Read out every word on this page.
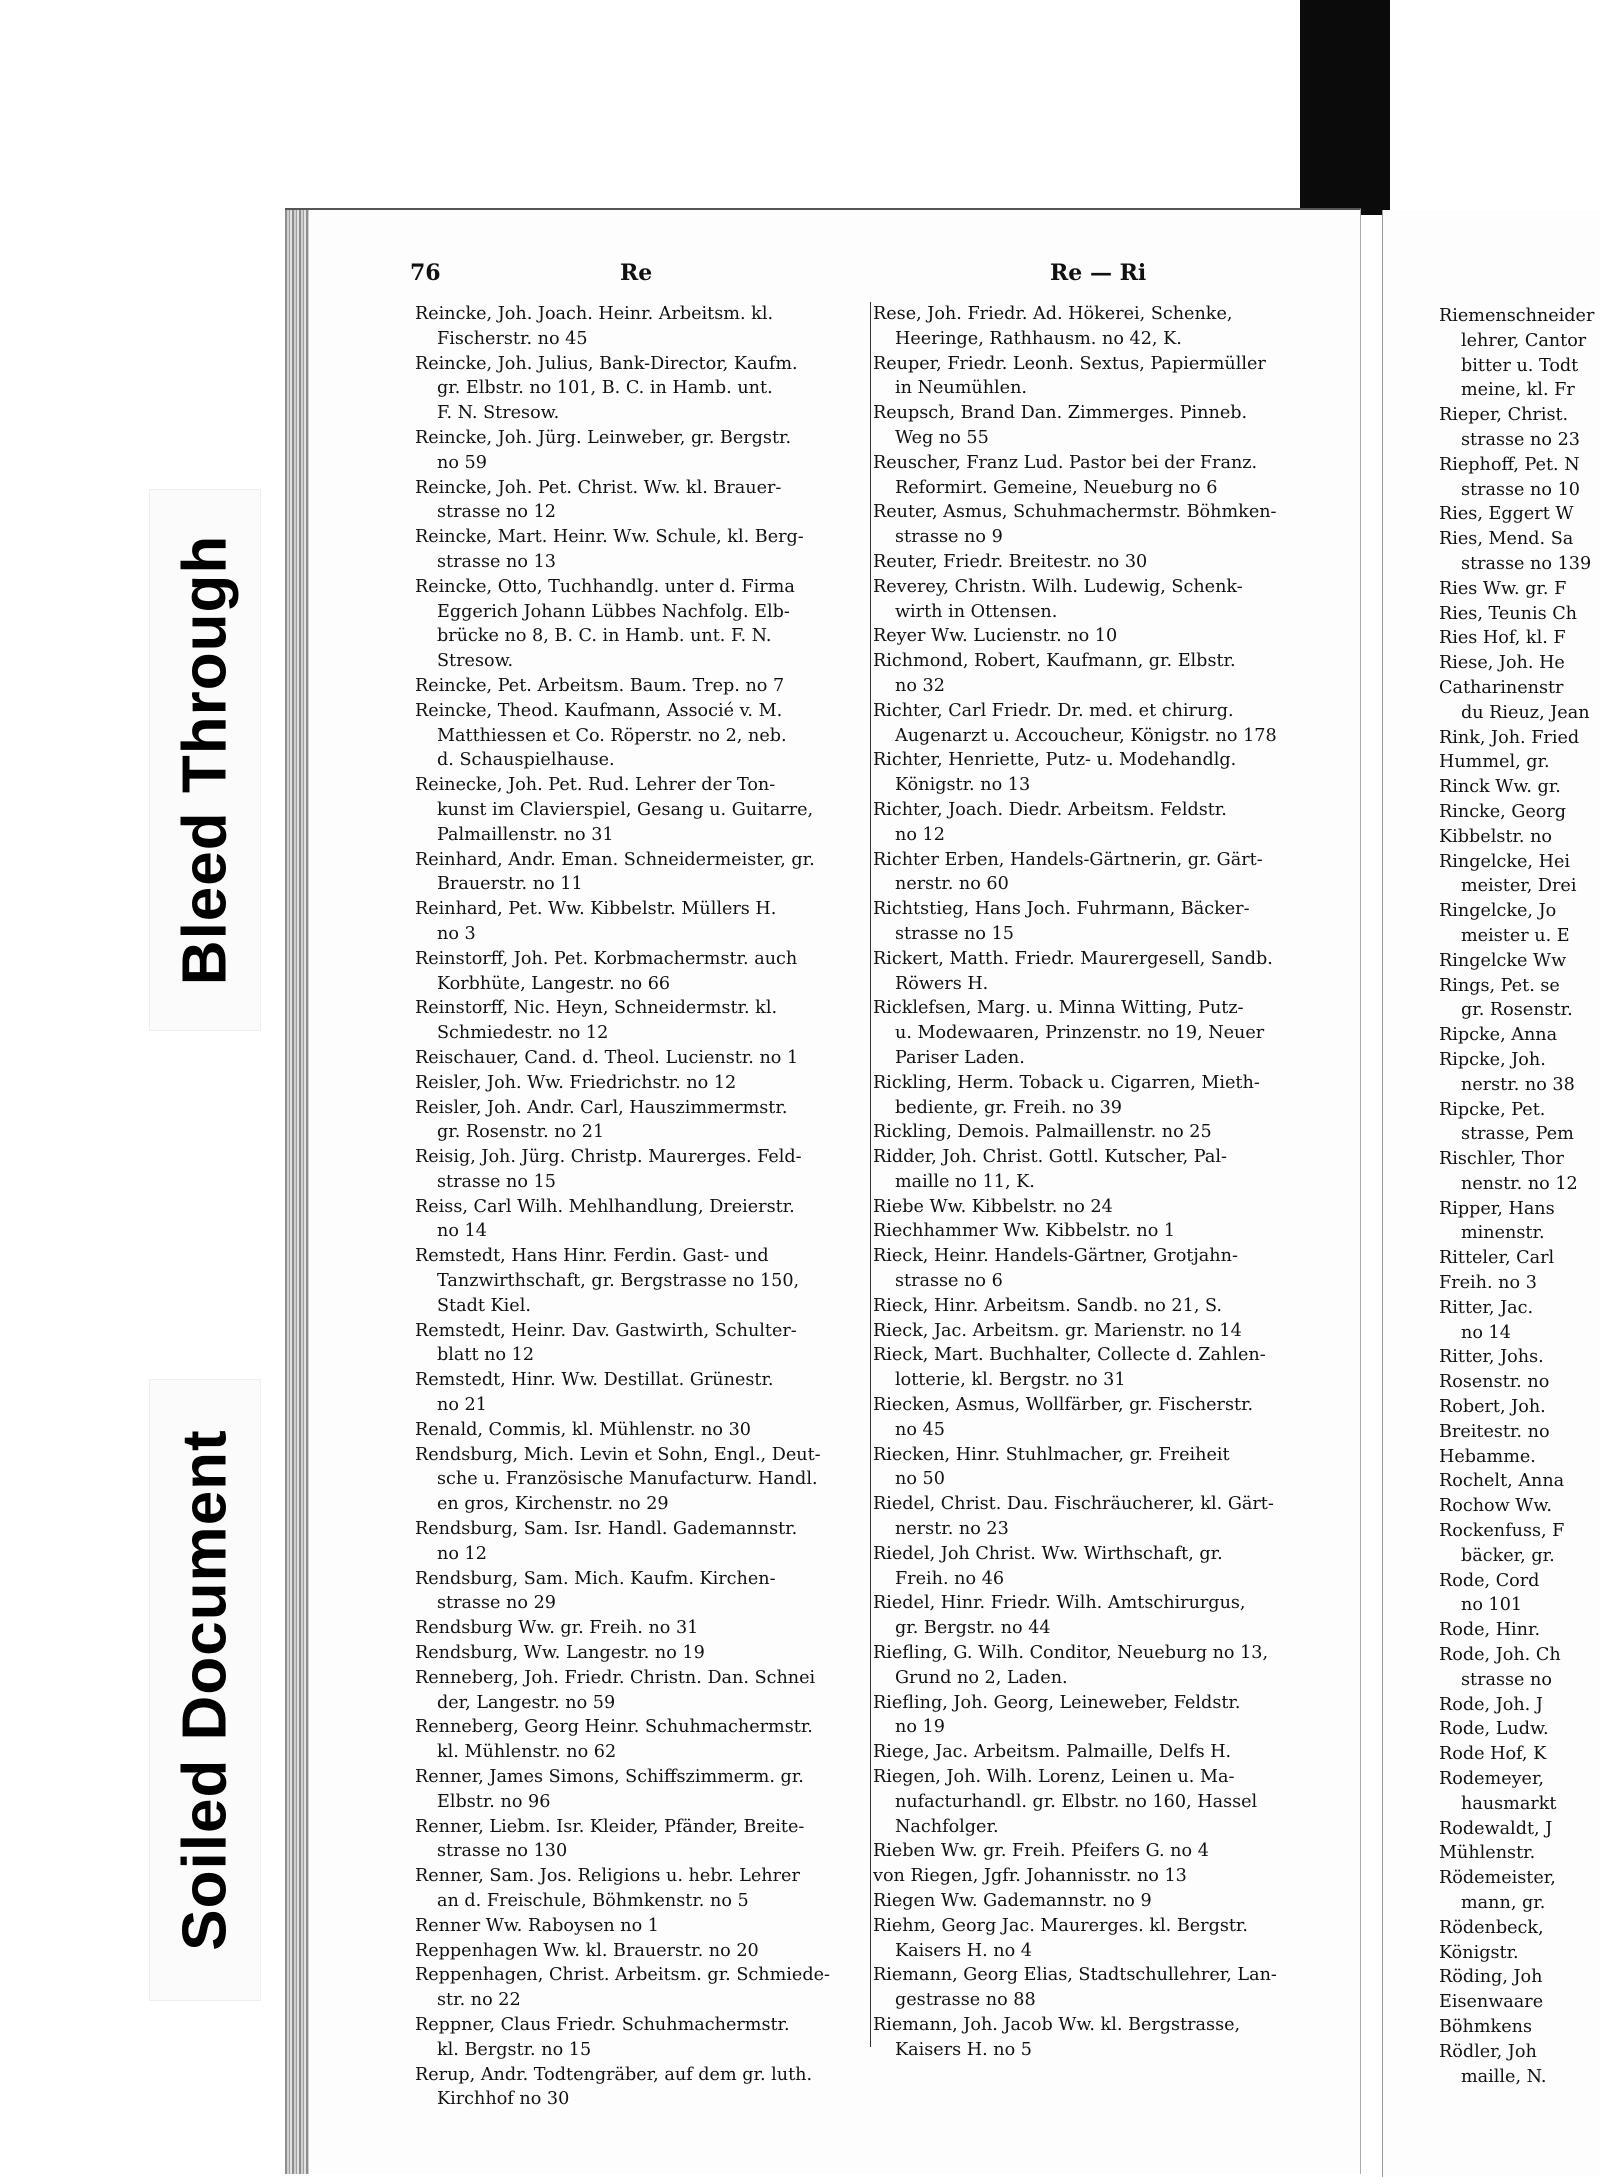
Bleed Through
Soiled Document
76	Re	Re — Ri
Reincke, Joh. Joach. Heinr. Arbeitsm. kl.

Fischerstr. no 45
Reincke, Joh. Julius, Bank-Director, Kaufm.

gr. Elbstr. no 101, B. C. in Hamb. unt.
F. N. Stresow.
Reincke, Joh. Jürg. Leinweber, gr. Bergstr.

no 59
Reincke, Joh. Pet. Christ. Ww. kl. Brauer-

strasse no 12
Reincke, Mart. Heinr. Ww. Schule, kl. Berg-

strasse no 13
Reincke, Otto, Tuchhandlg. unter d. Firma

Eggerich Johann Lübbes Nachfolg. Elb-
brücke no 8, B. C. in Hamb. unt. F. N.
Stresow.
Reincke, Pet. Arbeitsm. Baum. Trep. no 7
Reincke, Theod. Kaufmann, Associé v. M.

Matthiessen et Co. Röperstr. no 2, neb.
d. Schauspielhause.
Reinecke, Joh. Pet. Rud. Lehrer der Ton-

kunst im Clavierspiel, Gesang u. Guitarre,
Palmaillenstr. no 31
Reinhard, Andr. Eman. Schneidermeister, gr.

Brauerstr. no 11
Reinhard, Pet. Ww. Kibbelstr. Müllers H.

no 3
Reinstorff, Joh. Pet. Korbmachermstr. auch

Korbhüte, Langestr. no 66
Reinstorff, Nic. Heyn, Schneidermstr. kl.

Schmiedestr. no 12
Reischauer, Cand. d. Theol. Lucienstr. no 1
Reisler, Joh. Ww. Friedrichstr. no 12
Reisler, Joh. Andr. Carl, Hauszimmermstr.

gr. Rosenstr. no 21
Reisig, Joh. Jürg. Christp. Maurerges. Feld-

strasse no 15
Reiss, Carl Wilh. Mehlhandlung, Dreierstr.

no 14
Remstedt, Hans Hinr. Ferdin. Gast- und

Tanzwirthschaft, gr. Bergstrasse no 150,
Stadt Kiel.
Remstedt, Heinr. Dav. Gastwirth, Schulter-

blatt no 12
Remstedt, Hinr. Ww. Destillat. Grünestr.

no 21
Renald, Commis, kl. Mühlenstr. no 30
Rendsburg, Mich. Levin et Sohn, Engl., Deut-

sche u. Französische Manufacturw. Handl.
en gros, Kirchenstr. no 29
Rendsburg, Sam. Isr. Handl. Gademannstr.

no 12
Rendsburg, Sam. Mich. Kaufm. Kirchen-

strasse no 29
Rendsburg Ww. gr. Freih. no 31
Rendsburg, Ww. Langestr. no 19
Renneberg, Joh. Friedr. Christn. Dan. Schnei

der, Langestr. no 59
Renneberg, Georg Heinr. Schuhmachermstr.

kl. Mühlenstr. no 62
Renner, James Simons, Schiffszimmerm. gr.

Elbstr. no 96
Renner, Liebm. Isr. Kleider, Pfänder, Breite-

strasse no 130
Renner, Sam. Jos. Religions u. hebr. Lehrer

an d. Freischule, Böhmkenstr. no 5
Renner Ww. Raboysen no 1
Reppenhagen Ww. kl. Brauerstr. no 20
Reppenhagen, Christ. Arbeitsm. gr. Schmiede-

str. no 22
Reppner, Claus Friedr. Schuhmachermstr.

kl. Bergstr. no 15
Rerup, Andr. Todtengräber, auf dem gr. luth.

Kirchhof no 30
Rese, Joh. Friedr. Ad. Hökerei, Schenke,

Heeringe, Rathhausm. no 42, K.
Reuper, Friedr. Leonh. Sextus, Papiermüller

in Neumühlen.
Reupsch, Brand Dan. Zimmerges. Pinneb.

Weg no 55
Reuscher, Franz Lud. Pastor bei der Franz.

Reformirt. Gemeine, Neueburg no 6
Reuter, Asmus, Schuhmachermstr. Böhmken-

strasse no 9
Reuter, Friedr. Breitestr. no 30
Reverey, Christn. Wilh. Ludewig, Schenk-

wirth in Ottensen.
Reyer Ww. Lucienstr. no 10
Richmond, Robert, Kaufmann, gr. Elbstr.

no 32
Richter, Carl Friedr. Dr. med. et chirurg.

Augenarzt u. Accoucheur, Königstr. no 178
Richter, Henriette, Putz- u. Modehandlg.

Königstr. no 13
Richter, Joach. Diedr. Arbeitsm. Feldstr.

no 12
Richter Erben, Handels-Gärtnerin, gr. Gärt-

nerstr. no 60
Richtstieg, Hans Joch. Fuhrmann, Bäcker-

strasse no 15
Rickert, Matth. Friedr. Maurergesell, Sandb.

Röwers H.
Ricklefsen, Marg. u. Minna Witting, Putz-

u. Modewaaren, Prinzenstr. no 19, Neuer
Pariser Laden.
Rickling, Herm. Toback u. Cigarren, Mieth-

bediente, gr. Freih. no 39
Rickling, Demois. Palmaillenstr. no 25
Ridder, Joh. Christ. Gottl. Kutscher, Pal-

maille no 11, K.
Riebe Ww. Kibbelstr. no 24
Riechhammer Ww. Kibbelstr. no 1
Rieck, Heinr. Handels-Gärtner, Grotjahn-

strasse no 6
Rieck, Hinr. Arbeitsm. Sandb. no 21, S.
Rieck, Jac. Arbeitsm. gr. Marienstr. no 14
Rieck, Mart. Buchhalter, Collecte d. Zahlen-

lotterie, kl. Bergstr. no 31
Riecken, Asmus, Wollfärber, gr. Fischerstr.

no 45
Riecken, Hinr. Stuhlmacher, gr. Freiheit

no 50
Riedel, Christ. Dau. Fischräucherer, kl. Gärt-

nerstr. no 23
Riedel, Joh Christ. Ww. Wirthschaft, gr.

Freih. no 46
Riedel, Hinr. Friedr. Wilh. Amtschirurgus,

gr. Bergstr. no 44
Riefling, G. Wilh. Conditor, Neueburg no 13,

Grund no 2, Laden.
Riefling, Joh. Georg, Leineweber, Feldstr.

no 19
Riege, Jac. Arbeitsm. Palmaille, Delfs H.
Riegen, Joh. Wilh. Lorenz, Leinen u. Ma-

nufacturhandl. gr. Elbstr. no 160, Hassel
Nachfolger.
Rieben Ww. gr. Freih. Pfeifers G. no 4
von Riegen, Jgfr. Johannisstr. no 13
Riegen Ww. Gademannstr. no 9
Riehm, Georg Jac. Maurerges. kl. Bergstr.

Kaisers H. no 4
Riemann, Georg Elias, Stadtschullehrer, Lan-

gestrasse no 88
Riemann, Joh. Jacob Ww. kl. Bergstrasse,

Kaisers H. no 5
Riemenschneider
lehrer, Cantor
bitter u. Todt
meine, kl. Fr
Rieper, Christ.
strasse no 23
Riephoff, Pet. N
strasse no 10
Ries, Eggert W
Ries, Mend. Sa
strasse no 139
Ries Ww. gr. F
Ries, Teunis Ch
Ries Hof, kl. F
Riese, Joh. He
Catharinenstr
du Rieuz, Jean
Rink, Joh. Fried
Hummel, gr.
Rinck Ww. gr.
Rincke, Georg
Kibbelstr. no
Ringelcke, Hei
meister, Drei
Ringelcke, Jo
meister u. E
Ringelcke Ww
Rings, Pet. se
gr. Rosenstr.
Ripcke, Anna
Ripcke, Joh.
nerstr. no 38
Ripcke, Pet.
strasse, Pem
Rischler, Thor
nenstr. no 12
Ripper, Hans
minenstr.
Ritteler, Carl
Freih. no 3
Ritter, Jac.
no 14
Ritter, Johs.
Rosenstr. no
Robert, Joh.
Breitestr. no
Hebamme.
Rochelt, Anna
Rochow Ww.
Rockenfuss, F
bäcker, gr.
Rode, Cord
no 101
Rode, Hinr.
Rode, Joh. Ch
strasse no
Rode, Joh. J
Rode, Ludw.
Rode Hof, K
Rodemeyer,
hausmarkt
Rodewaldt, J
Mühlenstr.
Rödemeister,
mann, gr.
Rödenbeck,
Königstr.
Röding, Joh
Eisenwaare
Böhmkens
Rödler, Joh
maille, N.
